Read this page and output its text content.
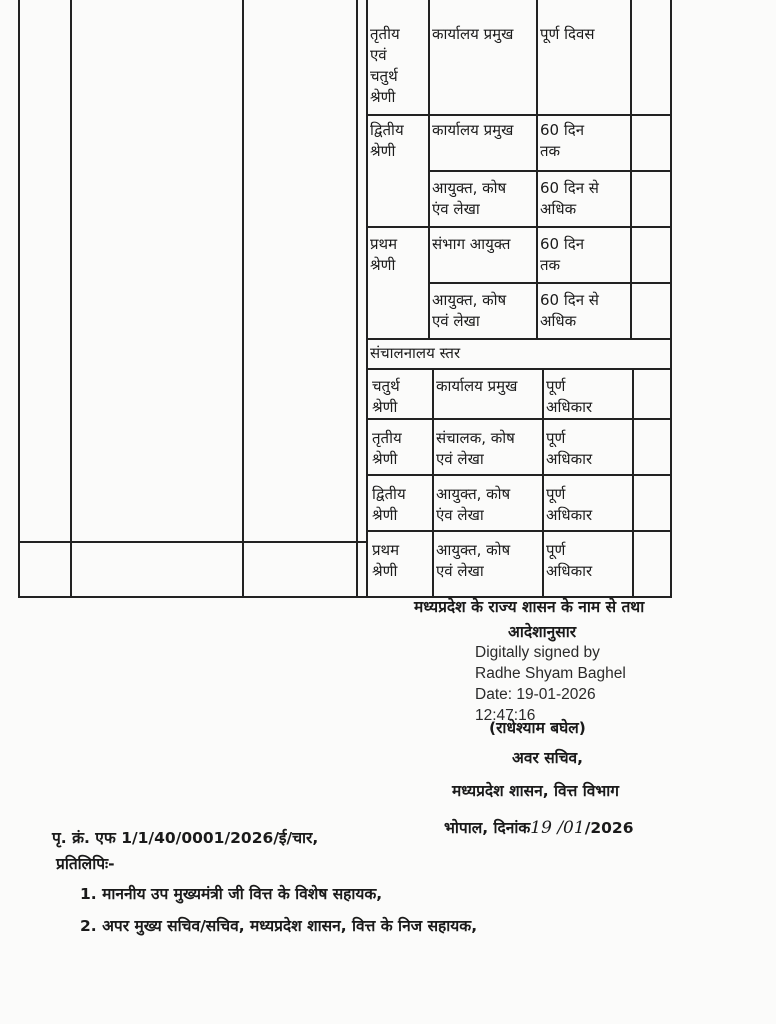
तृतीय
एवं
चतुर्थ
श्रेणी
कार्यालय प्रमुख पूर्ण दिवस
द्वितीय
श्रेणी
कार्यालय प्रमुख 60 दिन
तक
आयुक्त, कोष
एंव लेखा
60 दिन से
अधिक
प्रथम
श्रेणी
संभाग आयुक्त 60 दिन
तक
आयुक्त, कोष
एवं लेखा
60 दिन से
अधिक
संचालनालय स्तर
चतुर्थ
श्रेणी
कार्यालय प्रमुख पूर्ण
अधिकार
तृतीय
श्रेणी
संचालक, कोष
एवं लेखा
पूर्ण
अधिकार
द्वितीय
श्रेणी
आयुक्त, कोष
एंव लेखा
पूर्ण
अधिकार
प्रथम
श्रेणी
आयुक्त, कोष
एवं लेखा
पूर्ण
अधिकार
मध्यप्रदेश के राज्य शासन के नाम से तथा
आदेशानुसार
Digitally signed by
Radhe Shyam Baghel
Date: 19-01-2026
12:47:16
(राधेश्याम बघेल)
अवर सचिव,
मध्यप्रदेश शासन, वित्त विभाग
पृ. क्रं. एफ 1/1/40/0001/2026/ई/चार,
भोपाल, दिनांक19 /01/2026
प्रतिलिपिः-
1. माननीय उप मुख्यमंत्री जी वित्त के विशेष सहायक,
2. अपर मुख्य सचिव/सचिव, मध्यप्रदेश शासन, वित्त के निज सहायक,
